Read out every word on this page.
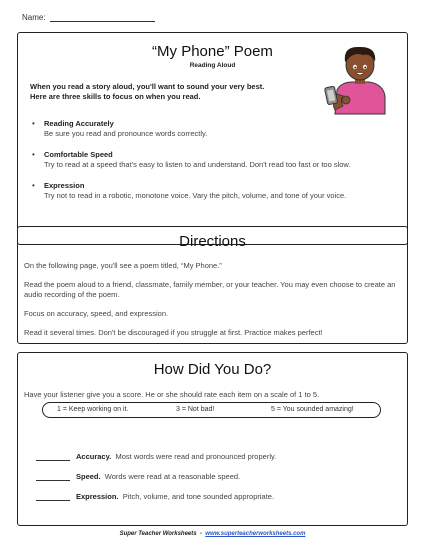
Name:
“My Phone” Poem
Reading Aloud
When you read a story aloud, you'll want to sound your very best.
Here are three skills to focus on when you read.
• Reading Accurately
Be sure you read and pronounce words correctly.
• Comfortable Speed
Try to read at a speed that's easy to listen to and understand. Don't read too fast or too slow.
• Expression
Try not to read in a robotic, monotone voice. Vary the pitch, volume, and tone of your voice.
Directions
On the following page, you'll see a poem titled, “My Phone.”
Read the poem aloud to a friend, classmate, family member, or your teacher. You may even choose to create an audio recording of the poem.
Focus on accuracy, speed, and expression.
Read it several times. Don't be discouraged if you struggle at first. Practice makes perfect!
How Did You Do?
Have your listener give you a score. He or she should rate each item on a scale of 1 to 5.
1 = Keep working on it.	3 = Not bad!	5 = You sounded amazing!
Accuracy. Most words were read and pronounced properly.
Speed. Words were read at a reasonable speed.
Expression. Pitch, volume, and tone sounded appropriate.
Super Teacher Worksheets - www.superteacherworksheets.com
